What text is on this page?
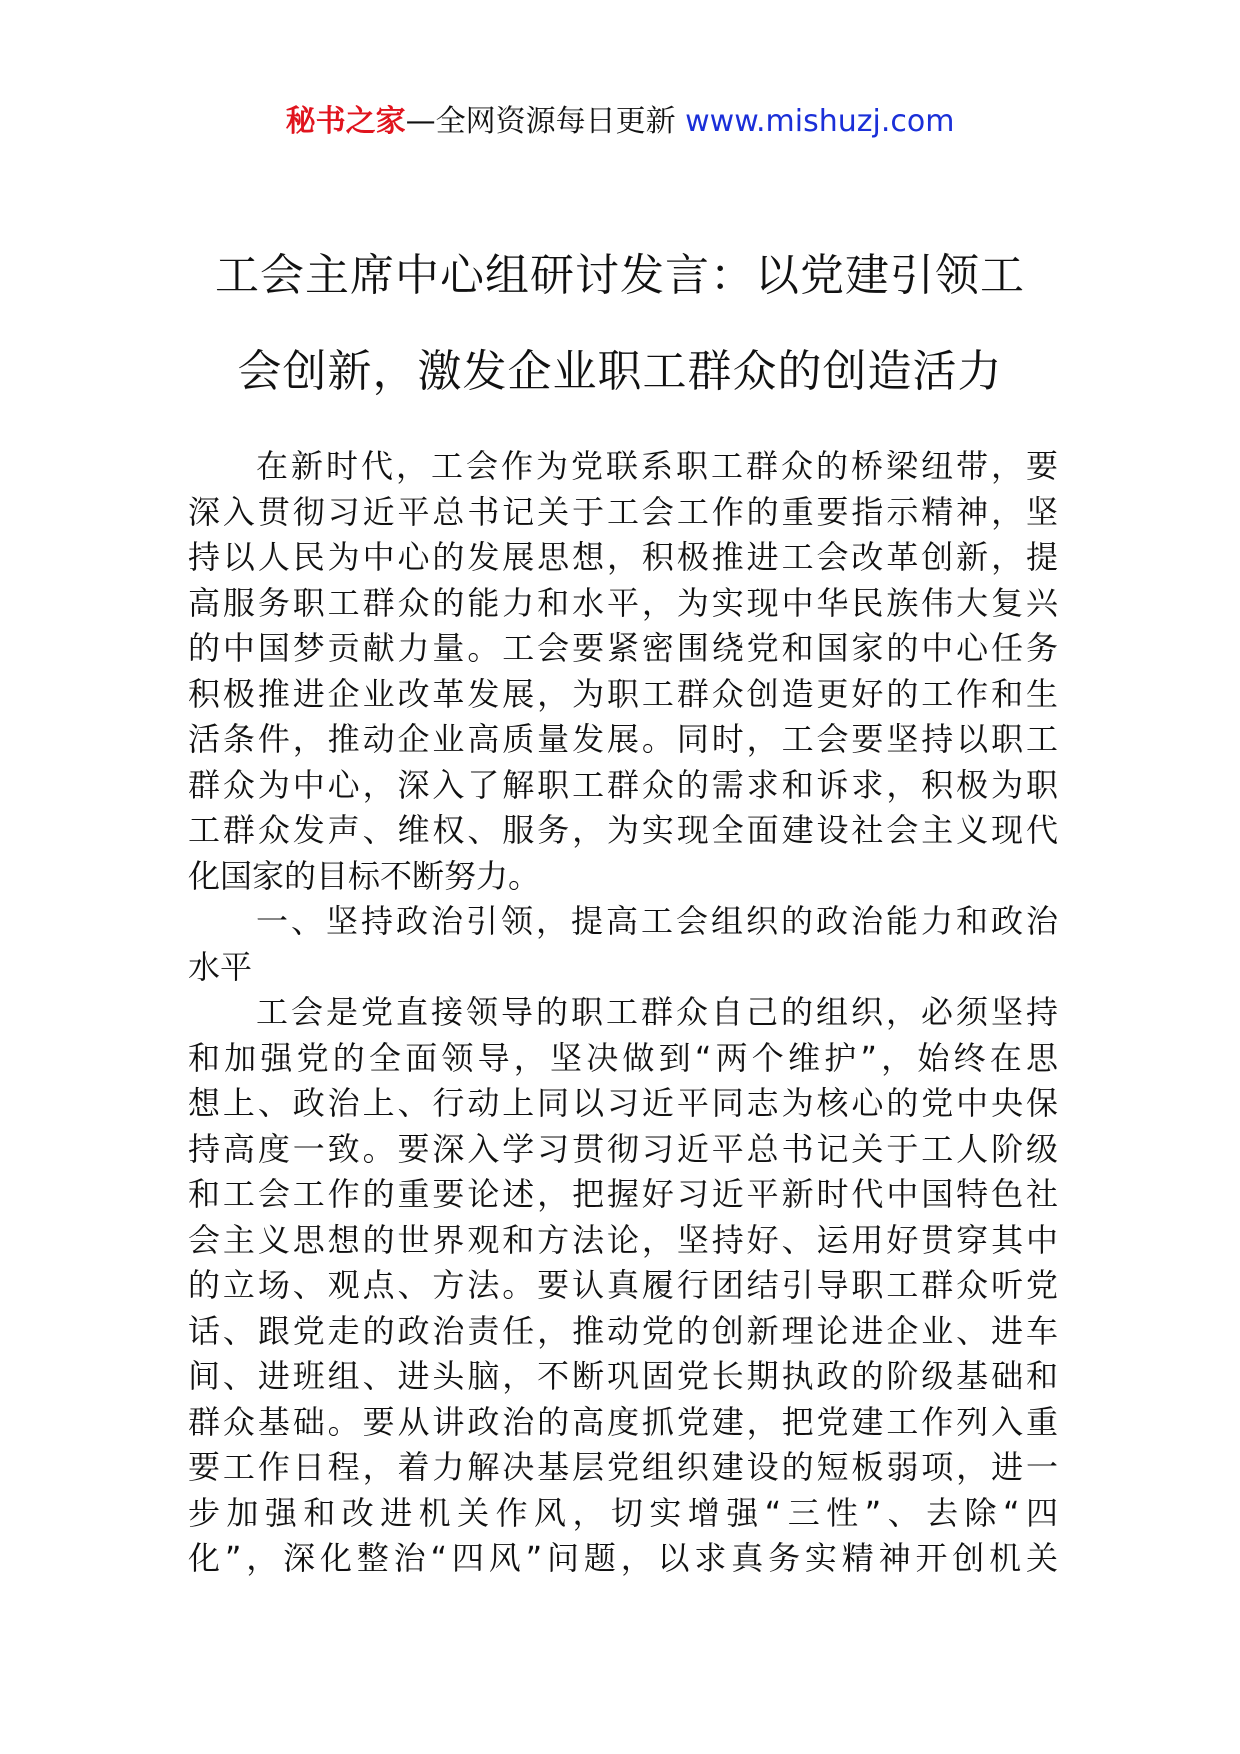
秘书之家—全网资源每日更新 www.mishuzj.com
工会主席中心组研讨发言：以党建引领工
会创新，激发企业职工群众的创造活力
在新时代，工会作为党联系职工群众的桥梁纽带，要
深入贯彻习近平总书记关于工会工作的重要指示精神，坚
持以人民为中心的发展思想，积极推进工会改革创新，提
高服务职工群众的能力和水平，为实现中华民族伟大复兴
的中国梦贡献力量。工会要紧密围绕党和国家的中心任务
积极推进企业改革发展，为职工群众创造更好的工作和生
活条件，推动企业高质量发展。同时，工会要坚持以职工
群众为中心，深入了解职工群众的需求和诉求，积极为职
工群众发声、维权、服务，为实现全面建设社会主义现代
化国家的目标不断努力。
一、坚持政治引领，提高工会组织的政治能力和政治
水平
工会是党直接领导的职工群众自己的组织，必须坚持
和加强党的全面领导，坚决做到“两个维护”，始终在思
想上、政治上、行动上同以习近平同志为核心的党中央保
持高度一致。要深入学习贯彻习近平总书记关于工人阶级
和工会工作的重要论述，把握好习近平新时代中国特色社
会主义思想的世界观和方法论，坚持好、运用好贯穿其中
的立场、观点、方法。要认真履行团结引导职工群众听党
话、跟党走的政治责任，推动党的创新理论进企业、进车
间、进班组、进头脑，不断巩固党长期执政的阶级基础和
群众基础。要从讲政治的高度抓党建，把党建工作列入重
要工作日程，着力解决基层党组织建设的短板弱项，进一
步加强和改进机关作风，切实增强“三性”、去除“四
化”，深化整治“四风”问题，以求真务实精神开创机关
